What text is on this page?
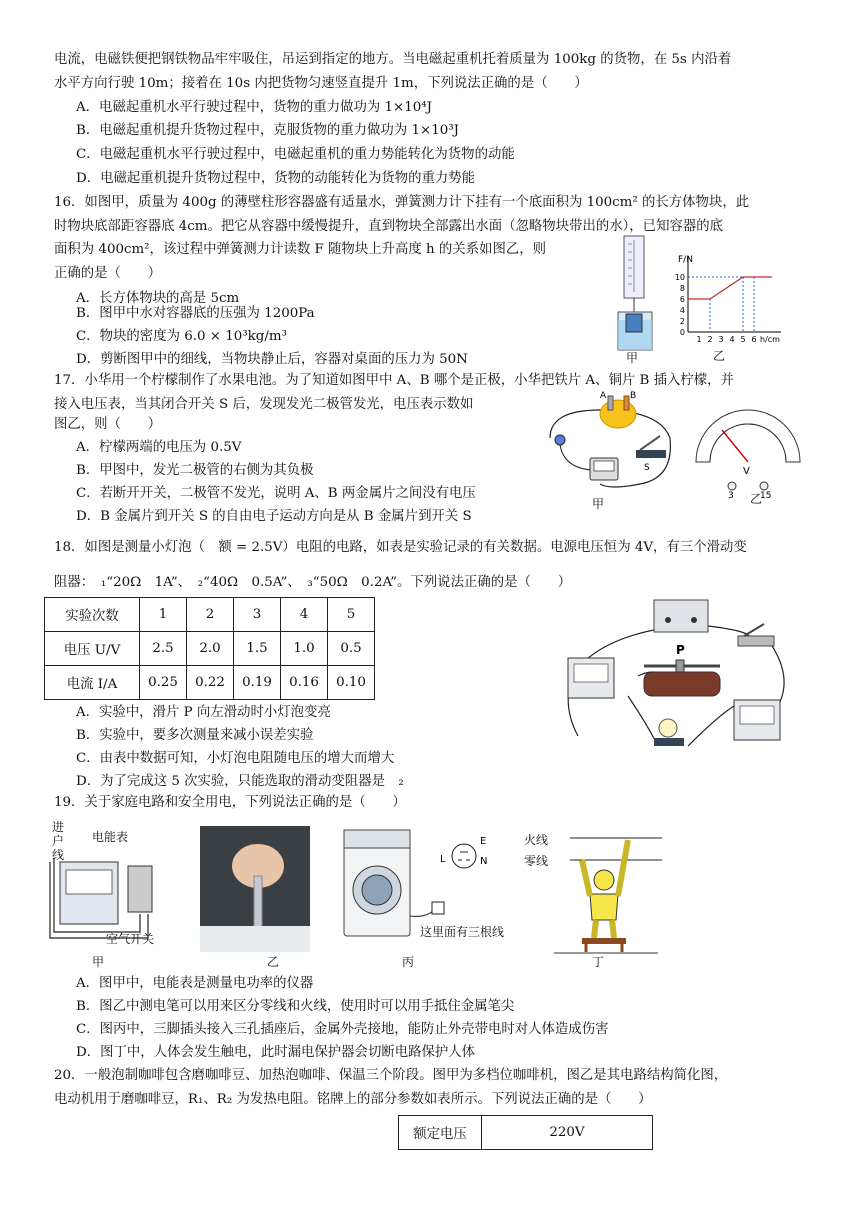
电流，电磁铁便把钢铁物品牢牢吸住，吊运到指定的地方。当电磁起重机托着质量为 100kg 的货物，在 5s 内沿着
水平方向行驶 10m；接着在 10s 内把货物匀速竖直提升 1m，下列说法正确的是（　　）
A．电磁起重机水平行驶过程中，货物的重力做功为 1×10⁴J
B．电磁起重机提升货物过程中，克服货物的重力做功为 1×10³J
C．电磁起重机水平行驶过程中，电磁起重机的重力势能转化为货物的动能
D．电磁起重机提升货物过程中，货物的动能转化为货物的重力势能
16．如图甲，质量为 400g 的薄壁柱形容器盛有适量水，弹簧测力计下挂有一个底面积为 100cm² 的长方体物块，此
时物块底部距容器底 4cm。把它从容器中缓慢提升，直到物块全部露出水面（忽略物块带出的水），已知容器的底
面积为 400cm²，该过程中弹簧测力计读数 F 随物块上升高度 h 的关系如图乙，则
正确的是（　　）
A．长方体物块的高是 5cm
B．图甲中水对容器底的压强为 1200Pa
C．物块的密度为 6.0 × 10³kg/m³
D．剪断图甲中的细线，当物块静止后，容器对桌面的压力为 50N	甲
F/N
h/cm
10
8
6
4
2
0
1 2 3 4 5 6
乙
17．小华用一个柠檬制作了水果电池。为了知道如图甲中 A、B 哪个是正极，小华把铁片 A、铜片 B 插入柠檬，并
接入电压表，当其闭合开关 S 后，发现发光二极管发光，电压表示数如
图乙，则（　　）
A．柠檬两端的电压为 0.5V
B．甲图中，发光二极管的右侧为其负极
C．若断开开关，二极管不发光，说明 A、B 两金属片之间没有电压
D．B 金属片到开关 S 的自由电子运动方向是从 B 金属片到开关 S
A	B
S
甲
V
3	15
乙
18．如图是测量小灯泡（　额 = 2.5V）电阻的电路，如表是实验记录的有关数据。电源电压恒为 4V，有三个滑动变
阻器：　₁“20Ω　1A”、　₂“40Ω　0.5A”、　₃“50Ω　0.2A”。下列说法正确的是（　　）
实验次数	1	2	3	4	5
电压 U/V	2.5	2.0	1.5	1.0	0.5
电流 I/A	0.25	0.22	0.19	0.16	0.10
A．实验中，滑片 P 向左滑动时小灯泡变亮
B．实验中，要多次测量来减小误差实验
C．由表中数据可知，小灯泡电阻随电压的增大而增大
D．为了完成这 5 次实验，只能选取的滑动变阻器是　₂
P
19．关于家庭电路和安全用电，下列说法正确的是（　　）
进户线
电能表
空气开关
甲	乙
E
L	N
这里面有三根线
丙
火线
零线
丁
A．图甲中，电能表是测量电功率的仪器
B．图乙中测电笔可以用来区分零线和火线，使用时可以用手抵住金属笔尖
C．图丙中，三脚插头接入三孔插座后，金属外壳接地，能防止外壳带电时对人体造成伤害
D．图丁中，人体会发生触电，此时漏电保护器会切断电路保护人体
20．一般泡制咖啡包含磨咖啡豆、加热泡咖啡、保温三个阶段。图甲为多档位咖啡机，图乙是其电路结构简化图，
电动机用于磨咖啡豆，R₁、R₂ 为发热电阻。铭牌上的部分参数如表所示。下列说法正确的是（　　）
额定电压	220V
